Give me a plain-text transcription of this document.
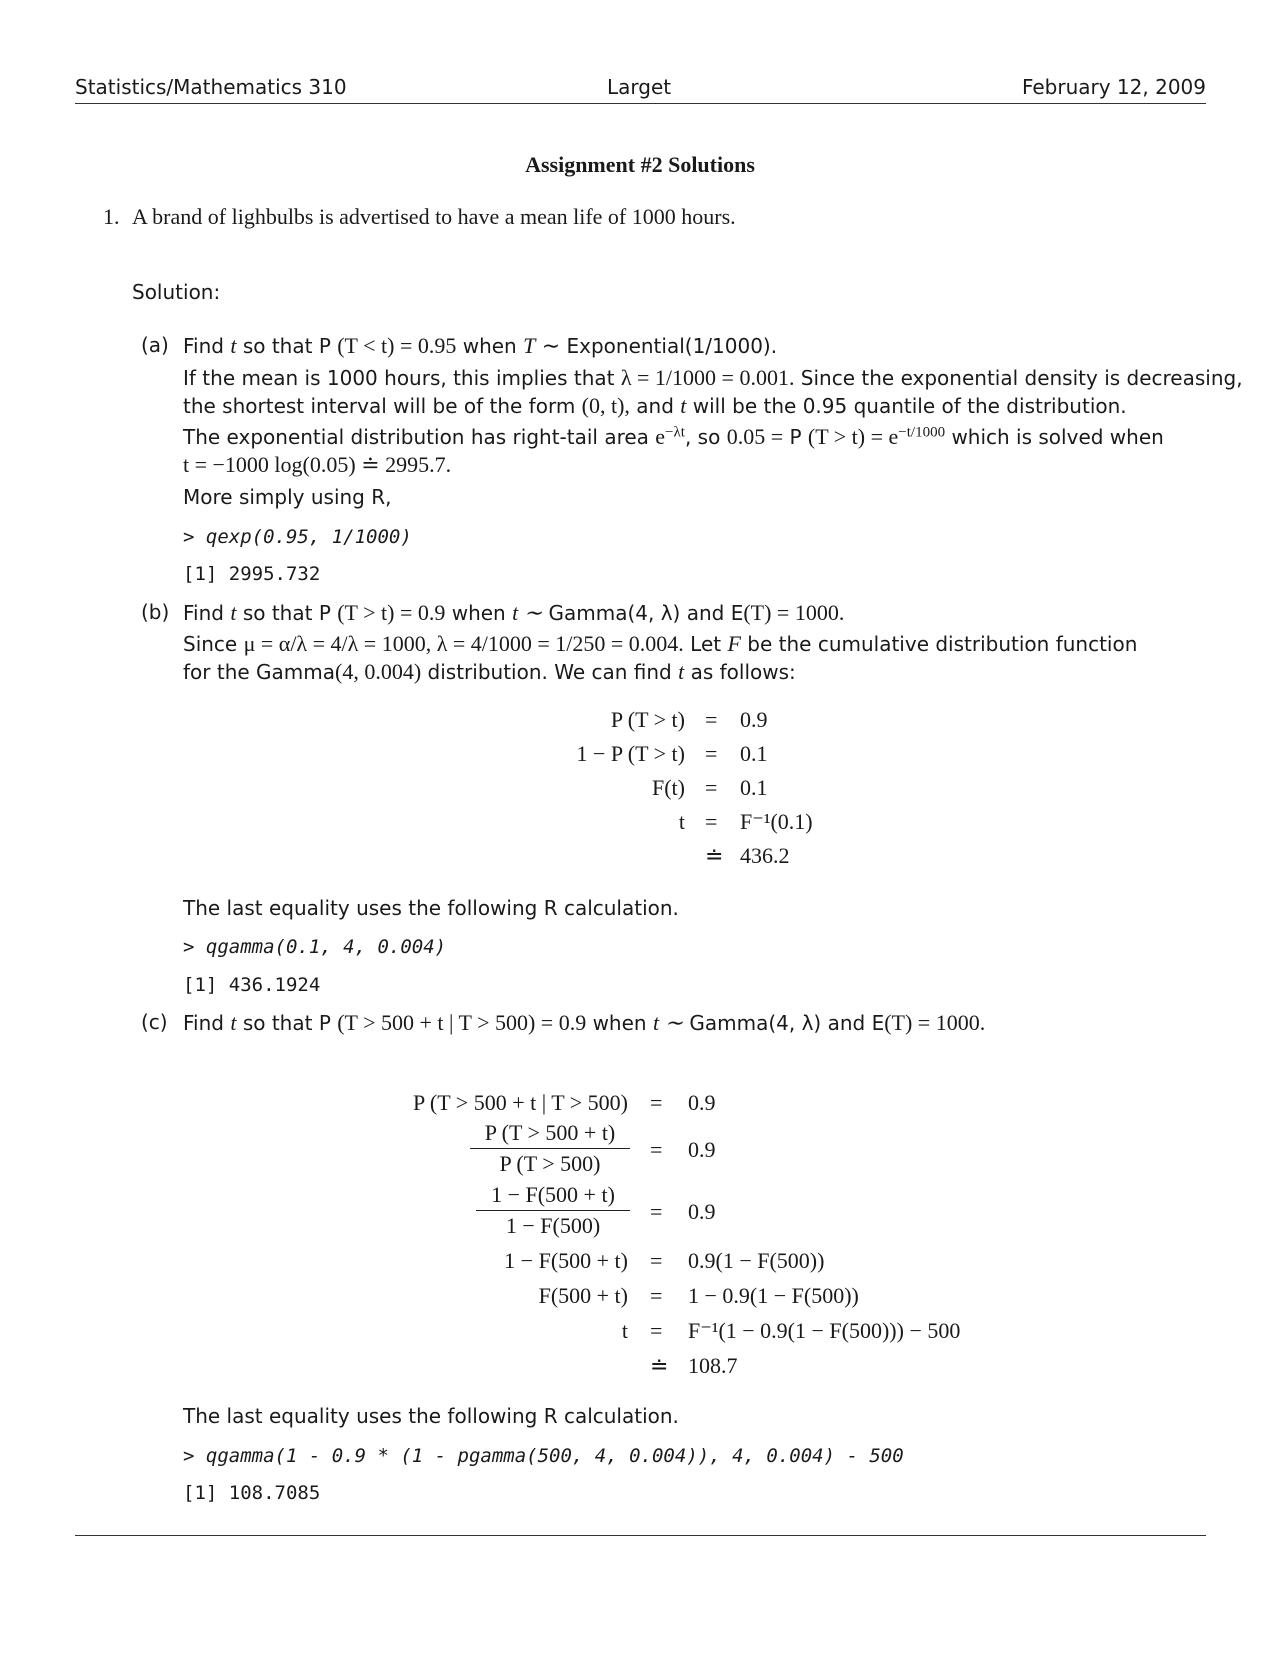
Statistics/Mathematics 310	Larget	February 12, 2009
Assignment #2 Solutions
1. A brand of lighbulbs is advertised to have a mean life of 1000 hours.
Solution:
(a) Find t so that P (T < t) = 0.95 when T ∼ Exponential(1/1000).
If the mean is 1000 hours, this implies that λ = 1/1000 = 0.001. Since the exponential density is decreasing,
the shortest interval will be of the form (0, t), and t will be the 0.95 quantile of the distribution.
The exponential distribution has right-tail area $e^{-\lambda t}$, so 0.05 = P $(T > t) = e^{-t/1000}$ which is solved when
t = −1000 log(0.05) ≐ 2995.7.
More simply using R,
> qexp(0.95, 1/1000)
[1] 2995.732
(b) Find t so that P (T > t) = 0.9 when t ∼ Gamma(4, λ) and E(T) = 1000.
Since μ = α/λ = 4/λ = 1000, λ = 4/1000 = 1/250 = 0.004. Let F be the cumulative distribution function
for the Gamma(4, 0.004) distribution. We can find t as follows:
P (T > t) = 0.9
1 − P (T > t) = 0.1
F(t) = 0.1
t = F⁻¹(0.1)
≐ 436.2
The last equality uses the following R calculation.
> qgamma(0.1, 4, 0.004)
[1] 436.1924
(c) Find t so that P (T > 500 + t | T > 500) = 0.9 when t ∼ Gamma(4, λ) and E(T) = 1000.
P (T > 500 + t | T > 500) = 0.9
$\frac{P (T > 500 + t)}{P (T > 500)} = 0.9$
$\frac{1 - F(500 + t)}{1 - F(500)} = 0.9$
1 − F(500 + t) = 0.9(1 − F(500))
F(500 + t) = 1 − 0.9(1 − F(500))
t = F⁻¹(1 − 0.9(1 − F(500))) − 500
≐ 108.7
The last equality uses the following R calculation.
> qgamma(1 - 0.9 * (1 - pgamma(500, 4, 0.004)), 4, 0.004) - 500
[1] 108.7085
